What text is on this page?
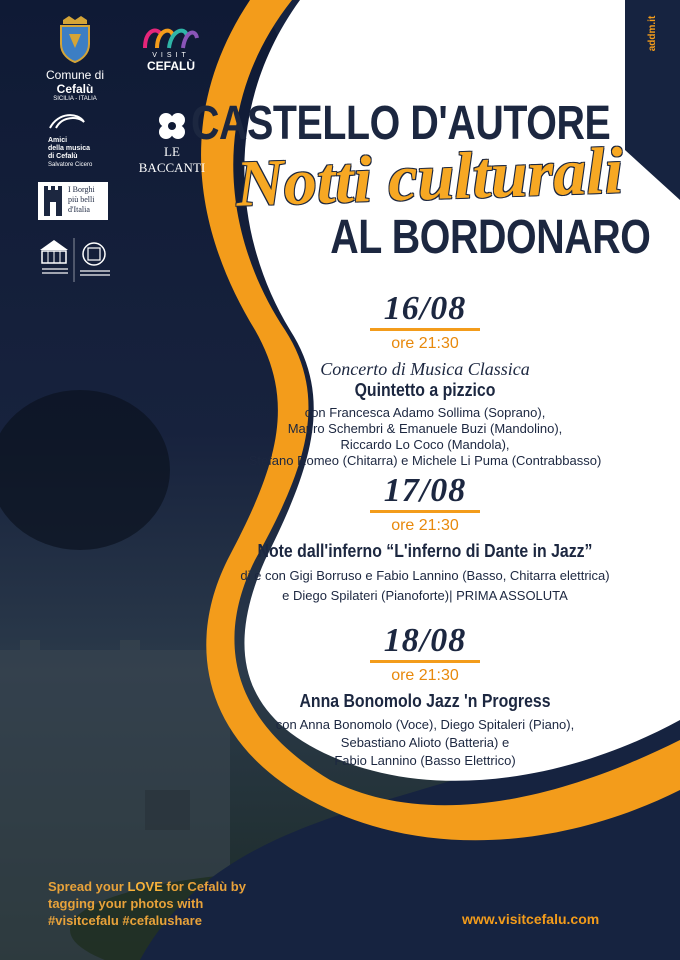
Comune di
Cefalù
SICILIA - ITALIA
VISIT
CEFALÙ
Amici
della musica
di Cefalù
Salvatore Cicero
LE BACCANTI
I Borghi
più belli
d'Italia
addm.it
CASTELLO D'AUTORE
Notti culturali
AL BORDONARO
16/08
ore 21:30
Concerto di Musica Classica
Quintetto a pizzico
con Francesca Adamo Sollima (Soprano),
Mauro Schembri & Emanuele Buzi (Mandolino),
Riccardo Lo Coco (Mandola),
Stefano Romeo (Chitarra) e Michele Li Puma (Contrabbasso)
17/08
ore 21:30
Note dall'inferno “L'inferno di Dante in Jazz”
di e con Gigi Borruso e Fabio Lannino (Basso, Chitarra elettrica)
e Diego Spilateri (Pianoforte)| PRIMA ASSOLUTA
18/08
ore 21:30
Anna Bonomolo Jazz 'n Progress
con Anna Bonomolo (Voce), Diego Spitaleri (Piano),
Sebastiano Alioto (Batteria) e
Fabio Lannino (Basso Elettrico)
Spread your LOVE for Cefalù by
tagging your photos with
#visitcefalu #cefalushare	www.visitcefalu.com
